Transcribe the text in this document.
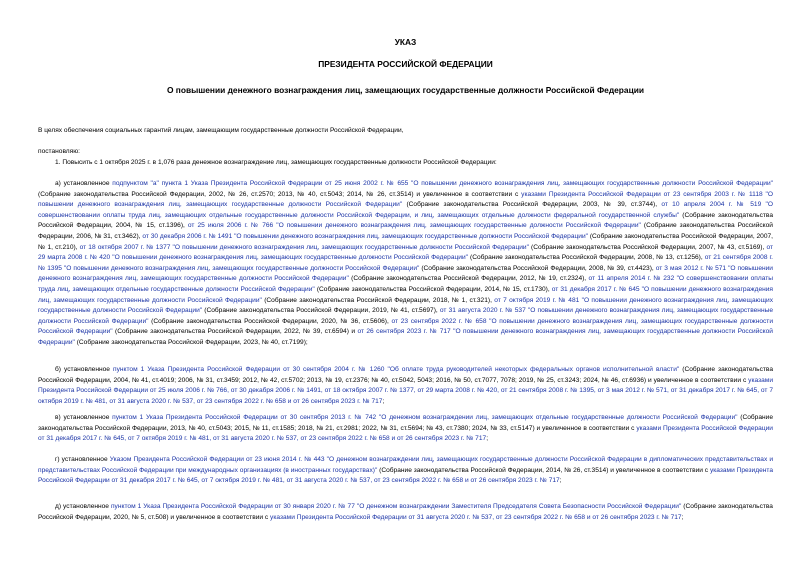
УКАЗ
ПРЕЗИДЕНТА РОССИЙСКОЙ ФЕДЕРАЦИИ
О повышении денежного вознаграждения лиц, замещающих государственные должности Российской Федерации
В целях обеспечения социальных гарантий лицам, замещающим государственные должности Российской Федерации,
постановляю:
1. Повысить с 1 октября 2025 г. в 1,076 раза денежное вознаграждение лиц, замещающих государственные должности Российской Федерации:
а) установленное подпунктом "а" пункта 1 Указа Президента Российской Федерации от 25 июня 2002 г. № 655 "О повышении денежного вознаграждения лиц, замещающих государственные должности Российской Федерации" (Собрание законодательства Российской Федерации, 2002, № 26, ст.2570; 2013, № 40, ст.5043; 2014, № 26, ст.3514) и увеличенное в соответствии с указами Президента Российской Федерации от 23 сентября 2003 г. № 1118 "О повышении денежного вознаграждения лиц, замещающих государственные должности Российской Федерации" (Собрание законодательства Российской Федерации, 2003, № 39, ст.3744), от 10 апреля 2004 г. № 519 "О совершенствовании оплаты труда лиц, замещающих отдельные государственные должности Российской Федерации, и лиц, замещающих отдельные должности федеральной государственной службы" (Собрание законодательства Российской Федерации, 2004, № 15, ст.1396), от 25 июля 2006 г. № 766 "О повышении денежного вознаграждения лиц, замещающих государственные должности Российской Федерации" (Собрание законодательства Российской Федерации, 2006, № 31, ст.3462), от 30 декабря 2006 г. № 1491 "О повышении денежного вознаграждения лиц, замещающих государственные должности Российской Федерации" (Собрание законодательства Российской Федерации, 2007, № 1, ст.210), от 18 октября 2007 г. № 1377 "О повышении денежного вознаграждения лиц, замещающих государственные должности Российской Федерации" (Собрание законодательства Российской Федерации, 2007, № 43, ст.5169), от 29 марта 2008 г. № 420 "О повышении денежного вознаграждения лиц, замещающих государственные должности Российской Федерации" (Собрание законодательства Российской Федерации, 2008, № 13, ст.1256), от 21 сентября 2008 г. № 1395 "О повышении денежного вознаграждения лиц, замещающих государственные должности Российской Федерации" (Собрание законодательства Российской Федерации, 2008, № 39, ст.4423), от 3 мая 2012 г. № 571 "О повышении денежного вознаграждения лиц, замещающих государственные должности Российской Федерации" (Собрание законодательства Российской Федерации, 2012, № 19, ст.2324), от 11 апреля 2014 г. № 232 "О совершенствовании оплаты труда лиц, замещающих отдельные государственные должности Российской Федерации" (Собрание законодательства Российской Федерации, 2014, № 15, ст.1730), от 31 декабря 2017 г. № 645 "О повышении денежного вознаграждения лиц, замещающих государственные должности Российской Федерации" (Собрание законодательства Российской Федерации, 2018, № 1, ст.321), от 7 октября 2019 г. № 481 "О повышении денежного вознаграждения лиц, замещающих государственные должности Российской Федерации" (Собрание законодательства Российской Федерации, 2019, № 41, ст.5697), от 31 августа 2020 г. № 537 "О повышении денежного вознаграждения лиц, замещающих государственные должности Российской Федерации" (Собрание законодательства Российской Федерации, 2020, № 36, ст.5606), от 23 сентября 2022 г. № 658 "О повышении денежного вознаграждения лиц, замещающих государственные должности Российской Федерации" (Собрание законодательства Российской Федерации, 2022, № 39, ст.6594) и от 26 сентября 2023 г. № 717 "О повышении денежного вознаграждения лиц, замещающих государственные должности Российской Федерации" (Собрание законодательства Российской Федерации, 2023, № 40, ст.7199);
б) установленное пунктом 1 Указа Президента Российской Федерации от 30 сентября 2004 г. № 1260 "Об оплате труда руководителей некоторых федеральных органов исполнительной власти" (Собрание законодательства Российской Федерации, 2004, № 41, ст.4019; 2006, № 31, ст.3459; 2012, № 42, ст.5702; 2013, № 19, ст.2376; № 40, ст.5042, 5043; 2016, № 50, ст.7077, 7078; 2019, № 25, ст.3243; 2024, № 46, ст.6936) и увеличенное в соответствии с указами Президента Российской Федерации от 25 июля 2006 г. № 766, от 30 декабря 2006 г. № 1491, от 18 октября 2007 г. № 1377, от 29 марта 2008 г. № 420, от 21 сентября 2008 г. № 1395, от 3 мая 2012 г. № 571, от 31 декабря 2017 г. № 645, от 7 октября 2019 г. № 481, от 31 августа 2020 г. № 537, от 23 сентября 2022 г. № 658 и от 26 сентября 2023 г. № 717;
в) установленное пунктом 1 Указа Президента Российской Федерации от 30 сентября 2013 г. № 742 "О денежном вознаграждении лиц, замещающих отдельные государственные должности Российской Федерации" (Собрание законодательства Российской Федерации, 2013, № 40, ст.5043; 2015, № 11, ст.1585; 2018, № 21, ст.2981; 2022, № 31, ст.5694; № 43, ст.7380; 2024, № 33, ст.5147) и увеличенное в соответствии с указами Президента Российской Федерации от 31 декабря 2017 г. № 645, от 7 октября 2019 г. № 481, от 31 августа 2020 г. № 537, от 23 сентября 2022 г. № 658 и от 26 сентября 2023 г. № 717;
г) установленное Указом Президента Российской Федерации от 23 июня 2014 г. № 443 "О денежном вознаграждении лиц, замещающих государственные должности Российской Федерации в дипломатических представительствах и представительствах Российской Федерации при международных организациях (в иностранных государствах)" (Собрание законодательства Российской Федерации, 2014, № 26, ст.3514) и увеличенное в соответствии с указами Президента Российской Федерации от 31 декабря 2017 г. № 645, от 7 октября 2019 г. № 481, от 31 августа 2020 г. № 537, от 23 сентября 2022 г. № 658 и от 26 сентября 2023 г. № 717;
д) установленное пунктом 1 Указа Президента Российской Федерации от 30 января 2020 г. № 77 "О денежном вознаграждении Заместителя Председателя Совета Безопасности Российской Федерации" (Собрание законодательства Российской Федерации, 2020, № 5, ст.508) и увеличенное в соответствии с указами Президента Российской Федерации от 31 августа 2020 г. № 537, от 23 сентября 2022 г. № 658 и от 26 сентября 2023 г. № 717;
